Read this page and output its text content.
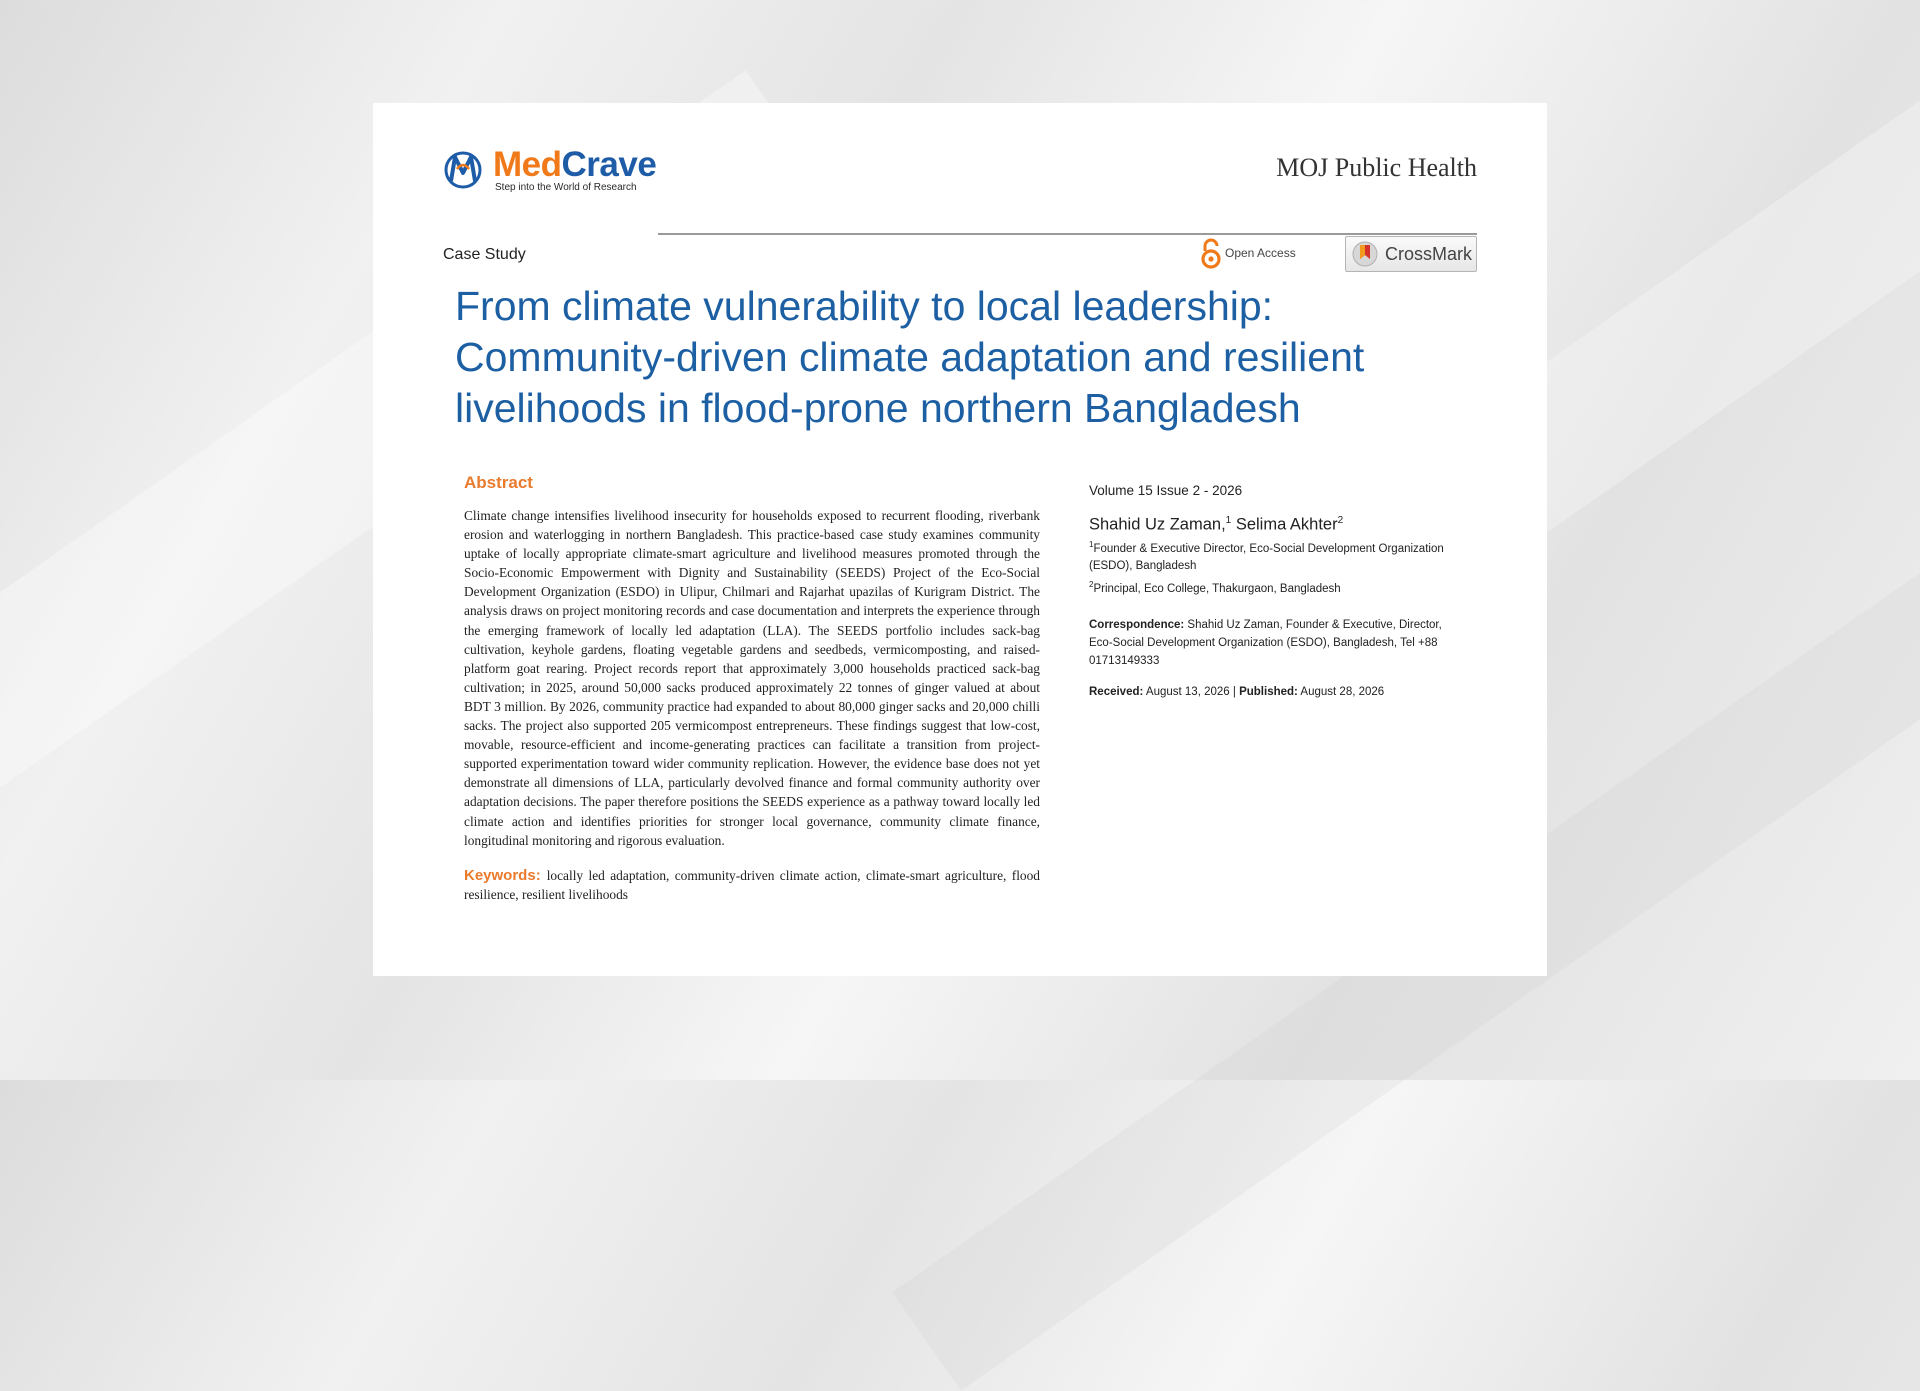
MedCrave
Step into the World of Research
MOJ Public Health
Case Study	Open Access	CrossMark
From climate vulnerability to local leadership:
Community-driven climate adaptation and resilient
livelihoods in flood-prone northern Bangladesh
Abstract
Climate change intensifies livelihood insecurity for households exposed to recurrent flooding, riverbank erosion and waterlogging in northern Bangladesh. This practice-based case study examines community uptake of locally appropriate climate-smart agriculture and livelihood measures promoted through the Socio-Economic Empowerment with Dignity and Sustainability (SEEDS) Project of the Eco-Social Development Organization (ESDO) in Ulipur, Chilmari and Rajarhat upazilas of Kurigram District. The analysis draws on project monitoring records and case documentation and interprets the experience through the emerging framework of locally led adaptation (LLA). The SEEDS portfolio includes sack-bag cultivation, keyhole gardens, floating vegetable gardens and seedbeds, vermicomposting, and raised-platform goat rearing. Project records report that approximately 3,000 households practiced sack-bag cultivation; in 2025, around 50,000 sacks produced approximately 22 tonnes of ginger valued at about BDT 3 million. By 2026, community practice had expanded to about 80,000 ginger sacks and 20,000 chilli sacks. The project also supported 205 vermicompost entrepreneurs. These findings suggest that low-cost, movable, resource-efficient and income-generating practices can facilitate a transition from project-supported experimentation toward wider community replication. However, the evidence base does not yet demonstrate all dimensions of LLA, particularly devolved finance and formal community authority over adaptation decisions. The paper therefore positions the SEEDS experience as a pathway toward locally led climate action and identifies priorities for stronger local governance, community climate finance, longitudinal monitoring and rigorous evaluation.
Keywords: locally led adaptation, community-driven climate action, climate-smart agriculture, flood resilience, resilient livelihoods
Volume 15 Issue 2 - 2026
Shahid Uz Zaman,$^1$ Selima Akhter$^2$
$^1$Founder & Executive Director, Eco-Social Development Organization (ESDO), Bangladesh
$^2$Principal, Eco College, Thakurgaon, Bangladesh
Correspondence: Shahid Uz Zaman, Founder & Executive, Director, Eco-Social Development Organization (ESDO), Bangladesh, Tel +88 01713149333
Received: August 13, 2026 | Published: August 28, 2026
